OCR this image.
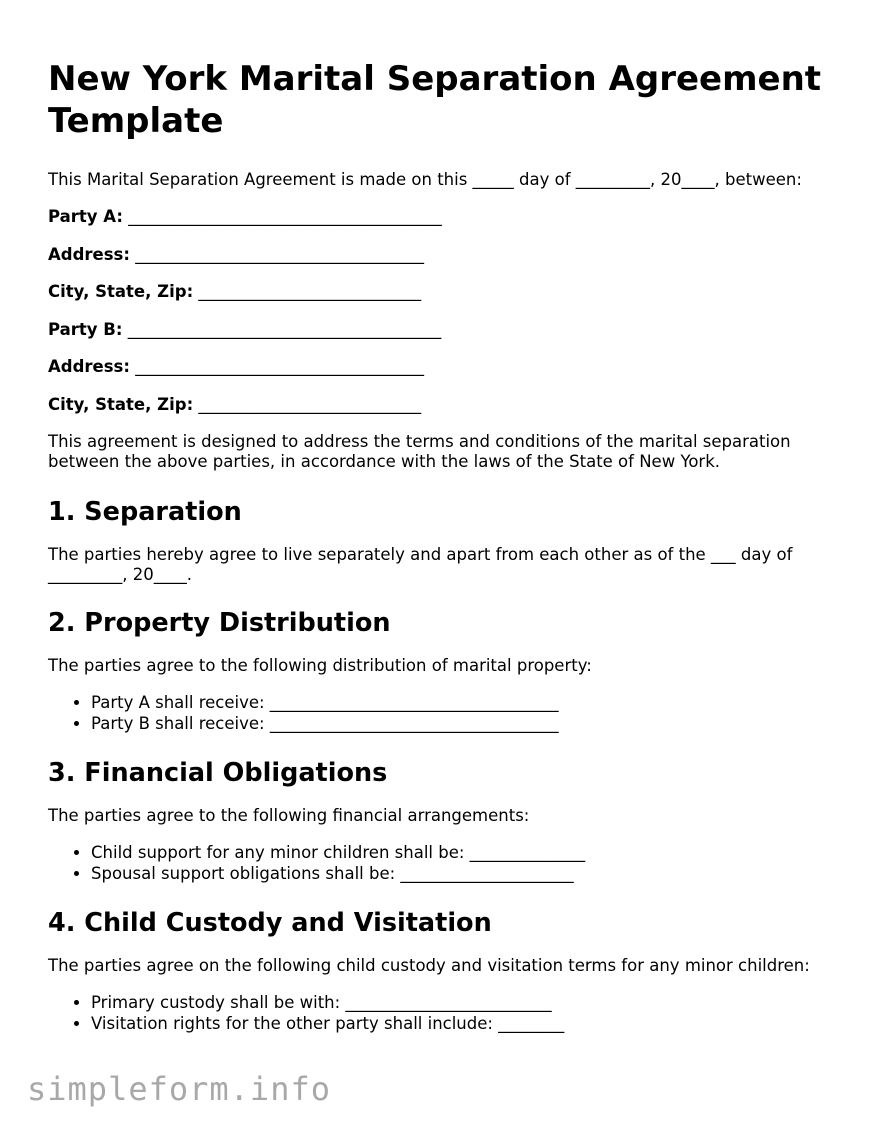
New York Marital Separation Agreement Template

This Marital Separation Agreement is made on this _____ day of _________, 20____, between:

Party A: ______________________________________
Address: ___________________________________
City, State, Zip: ___________________________
Party B: ______________________________________
Address: ___________________________________
City, State, Zip: ___________________________

This agreement is designed to address the terms and conditions of the marital separation between the above parties, in accordance with the laws of the State of New York.

1. Separation

The parties hereby agree to live separately and apart from each other as of the ___ day of _________, 20____.

2. Property Distribution

The parties agree to the following distribution of marital property:

• Party A shall receive: ___________________________________
• Party B shall receive: ___________________________________
3. Financial Obligations

The parties agree to the following financial arrangements:

• Child support for any minor children shall be: ______________
• Spousal support obligations shall be: _____________________
4. Child Custody and Visitation

The parties agree on the following child custody and visitation terms for any minor children:

• Primary custody shall be with: _________________________
• Visitation rights for the other party shall include: ________
simpleform.info
